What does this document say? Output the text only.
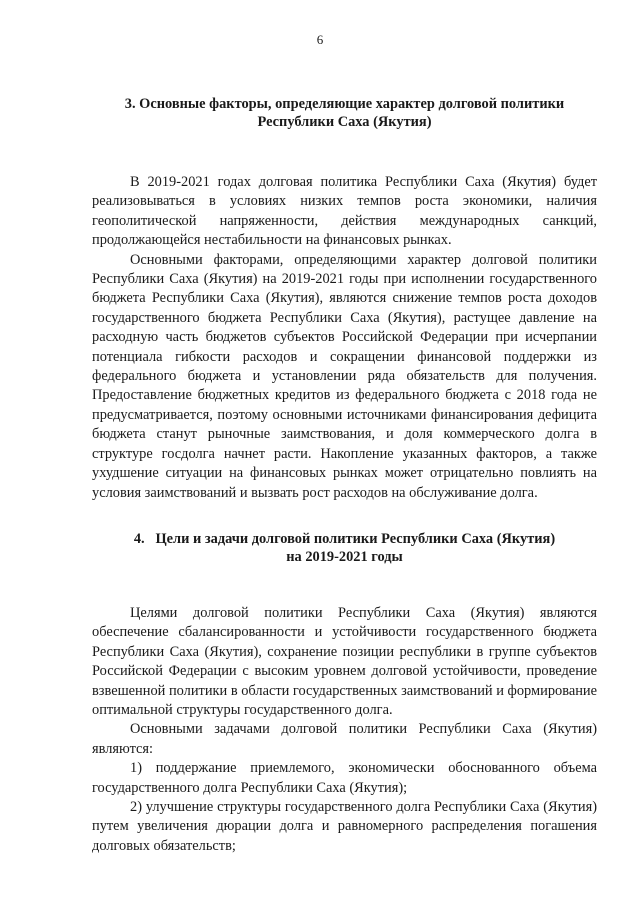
6
3. Основные факторы, определяющие характер долговой политики
Республики Саха (Якутия)

В 2019-2021 годах долговая политика Республики Саха (Якутия) будет реализовываться в условиях низких темпов роста экономики, наличия геополитической напряженности, действия международных санкций, продолжающейся нестабильности на финансовых рынках.

Основными факторами, определяющими характер долговой политики Республики Саха (Якутия) на 2019-2021 годы при исполнении государственного бюджета Республики Саха (Якутия), являются снижение темпов роста доходов государственного бюджета Республики Саха (Якутия), растущее давление на расходную часть бюджетов субъектов Российской Федерации при исчерпании потенциала гибкости расходов и сокращении финансовой поддержки из федерального бюджета и установлении ряда обязательств для получения. Предоставление бюджетных кредитов из федерального бюджета с 2018 года не предусматривается, поэтому основными источниками финансирования дефицита бюджета станут рыночные заимствования, и доля коммерческого долга в структуре госдолга начнет расти. Накопление указанных факторов, а также ухудшение ситуации на финансовых рынках может отрицательно повлиять на условия заимствований и вызвать рост расходов на обслуживание долга.

4.   Цели и задачи долговой политики Республики Саха (Якутия)
на 2019-2021 годы

Целями долговой политики Республики Саха (Якутия) являются обеспечение сбалансированности и устойчивости государственного бюджета Республики Саха (Якутия), сохранение позиции республики в группе субъектов Российской Федерации с высоким уровнем долговой устойчивости, проведение взвешенной политики в области государственных заимствований и формирование оптимальной структуры государственного долга.

Основными задачами долговой политики Республики Саха (Якутия) являются:

1) поддержание приемлемого, экономически обоснованного объема государственного долга Республики Саха (Якутия);

2) улучшение структуры государственного долга Республики Саха (Якутия) путем увеличения дюрации долга и равномерного распределения погашения долговых обязательств;
